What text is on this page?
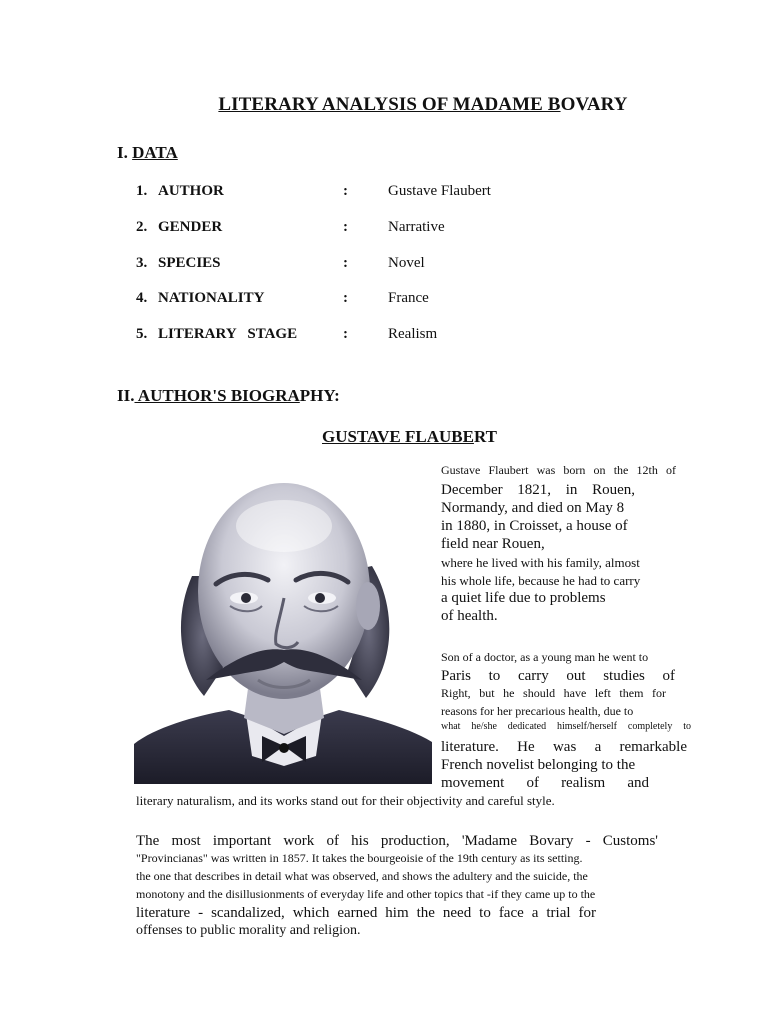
LITERARY ANALYSIS OF MADAME BOVARY
I. DATA
1. AUTHOR	:	Gustave Flaubert
2. GENDER	:	Narrative
3. SPECIES	:	Novel
4. NATIONALITY	:	France
5. LITERARY   STAGE	:	Realism
II. AUTHOR'S BIOGRAPHY:
GUSTAVE FLAUBERT
Gustave Flaubert was born on the 12th of
December 1821, in Rouen,
Normandy, and died on May 8
in 1880, in Croisset, a house of
field near Rouen,
where he lived with his family, almost
his whole life, because he had to carry
a quiet life due to problems
of health.
Son of a doctor, as a young man he went to
Paris to carry out studies of
Right, but he should have left them for
reasons for her precarious health, due to
what he/she dedicated himself/herself completely to
literature. He was a remarkable
French novelist belonging to the
movement of realism and
literary naturalism, and its works stand out for their objectivity and careful style.
The most important work of his production, 'Madame Bovary - Customs'
"Provincianas" was written in 1857. It takes the bourgeoisie of the 19th century as its setting.
the one that describes in detail what was observed, and shows the adultery and the suicide, the
monotony and the disillusionments of everyday life and other topics that -if they came up to the
literature - scandalized, which earned him the need to face a trial for
offenses to public morality and religion.
